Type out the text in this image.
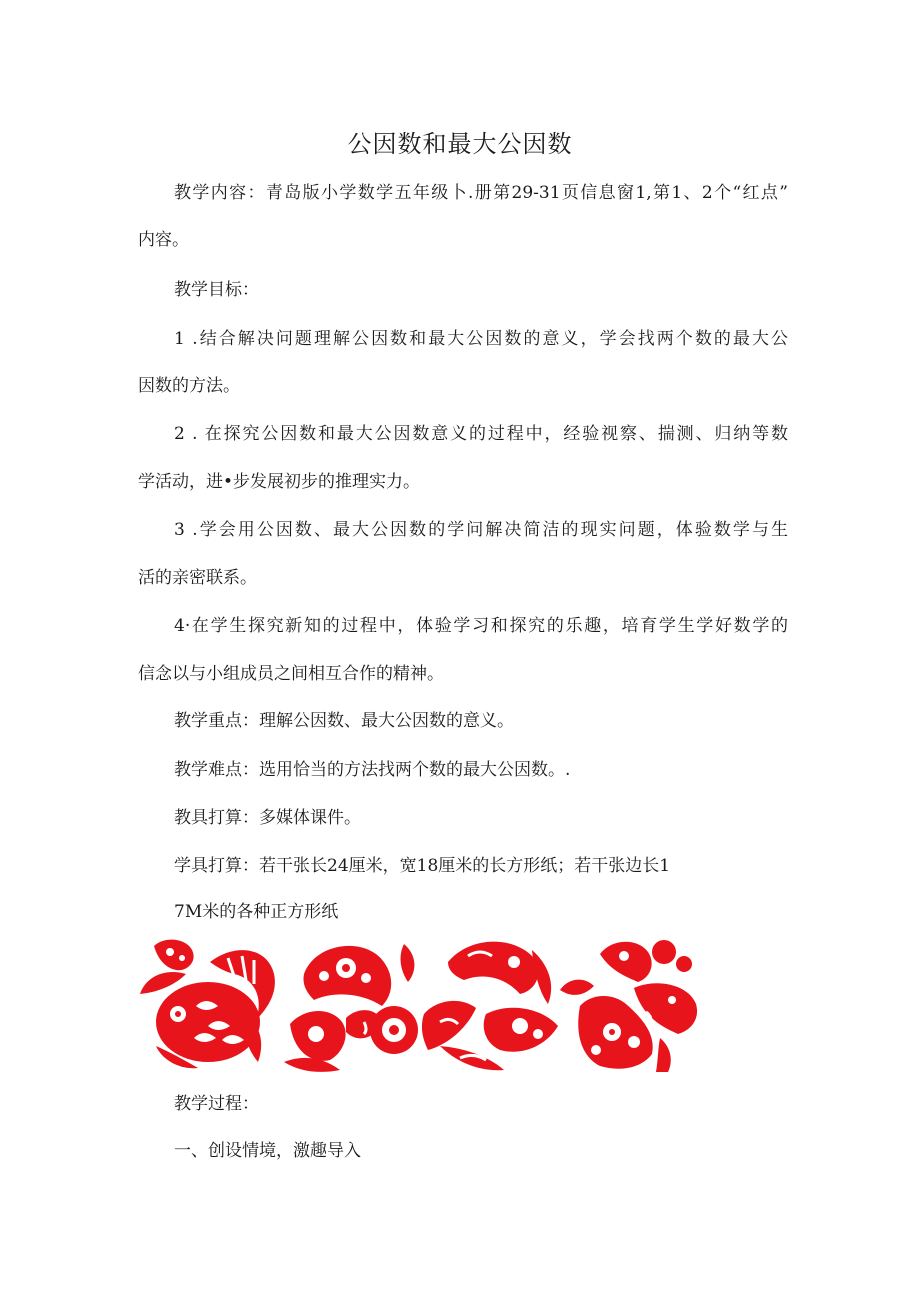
公因数和最大公因数
教学内容：青岛版小学数学五年级卜.册第29-31页信息窗1,第1、2个“红点”
内容。
教学目标：
1 .结合解决问题理解公因数和最大公因数的意义，学会找两个数的最大公
因数的方法。
2 . 在探究公因数和最大公因数意义的过程中，经验视察、揣测、归纳等数
学活动，进•步发展初步的推理实力。
3 .学会用公因数、最大公因数的学问解决简洁的现实问题，体验数学与生
活的亲密联系。
4·在学生探究新知的过程中，体验学习和探究的乐趣，培育学生学好数学的
信念以与小组成员之间相互合作的精神。
教学重点：理解公因数、最大公因数的意义。
教学难点：选用恰当的方法找两个数的最大公因数。.
教具打算：多媒体课件。
学具打算：若干张长24厘米，宽18厘米的长方形纸；若干张边长1
7M米的各种正方形纸
教学过程：
一、创设情境，激趣导入
